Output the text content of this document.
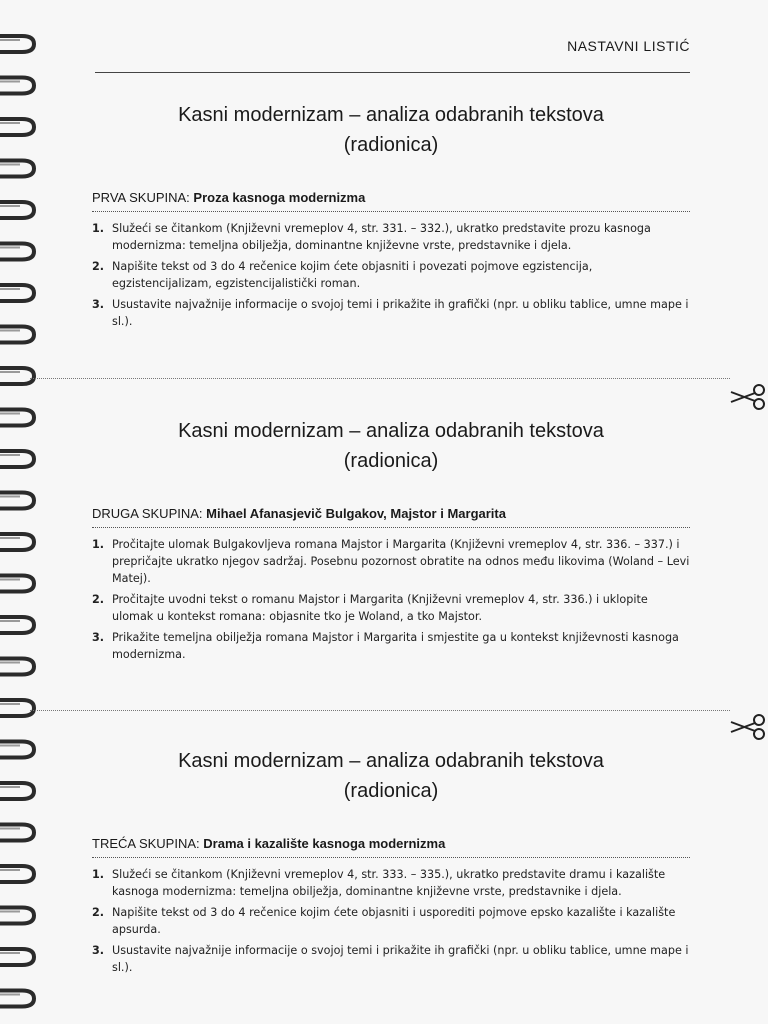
NASTAVNI LISTIĆ

Kasni modernizam – analiza odabranih tekstova
(radionica)

PRVA SKUPINA: Proza kasnoga modernizma
1. Služeći se čitankom (Književni vremeplov 4, str. 331. – 332.), ukratko predstavite prozu kasnoga modernizma: temeljna obilježja, dominantne književne vrste, predstavnike i djela.
2. Napišite tekst od 3 do 4 rečenice kojim ćete objasniti i povezati pojmove egzistencija, egzistencijalizam, egzistencijalistički roman.
3. Usustavite najvažnije informacije o svojoj temi i prikažite ih grafički (npr. u obliku tablice, umne mape i sl.).

Kasni modernizam – analiza odabranih tekstova
(radionica)

DRUGA SKUPINA: Mihael Afanasjevič Bulgakov, Majstor i Margarita
1. Pročitajte ulomak Bulgakovljeva romana Majstor i Margarita (Književni vremeplov 4, str. 336. – 337.) i prepričajte ukratko njegov sadržaj. Posebnu pozornost obratite na odnos među likovima (Woland – Levi Matej).
2. Pročitajte uvodni tekst o romanu Majstor i Margarita (Književni vremeplov 4, str. 336.) i uklopite ulomak u kontekst romana: objasnite tko je Woland, a tko Majstor.
3. Prikažite temeljna obilježja romana Majstor i Margarita i smjestite ga u kontekst književnosti kasnoga modernizma.

Kasni modernizam – analiza odabranih tekstova
(radionica)

TREĆA SKUPINA: Drama i kazalište kasnoga modernizma
1. Služeći se čitankom (Književni vremeplov 4, str. 333. – 335.), ukratko predstavite dramu i kazalište kasnoga modernizma: temeljna obilježja, dominantne književne vrste, predstavnike i djela.
2. Napišite tekst od 3 do 4 rečenice kojim ćete objasniti i usporediti pojmove epsko kazalište i kazalište apsurda.
3. Usustavite najvažnije informacije o svojoj temi i prikažite ih grafički (npr. u obliku tablice, umne mape i sl.).
